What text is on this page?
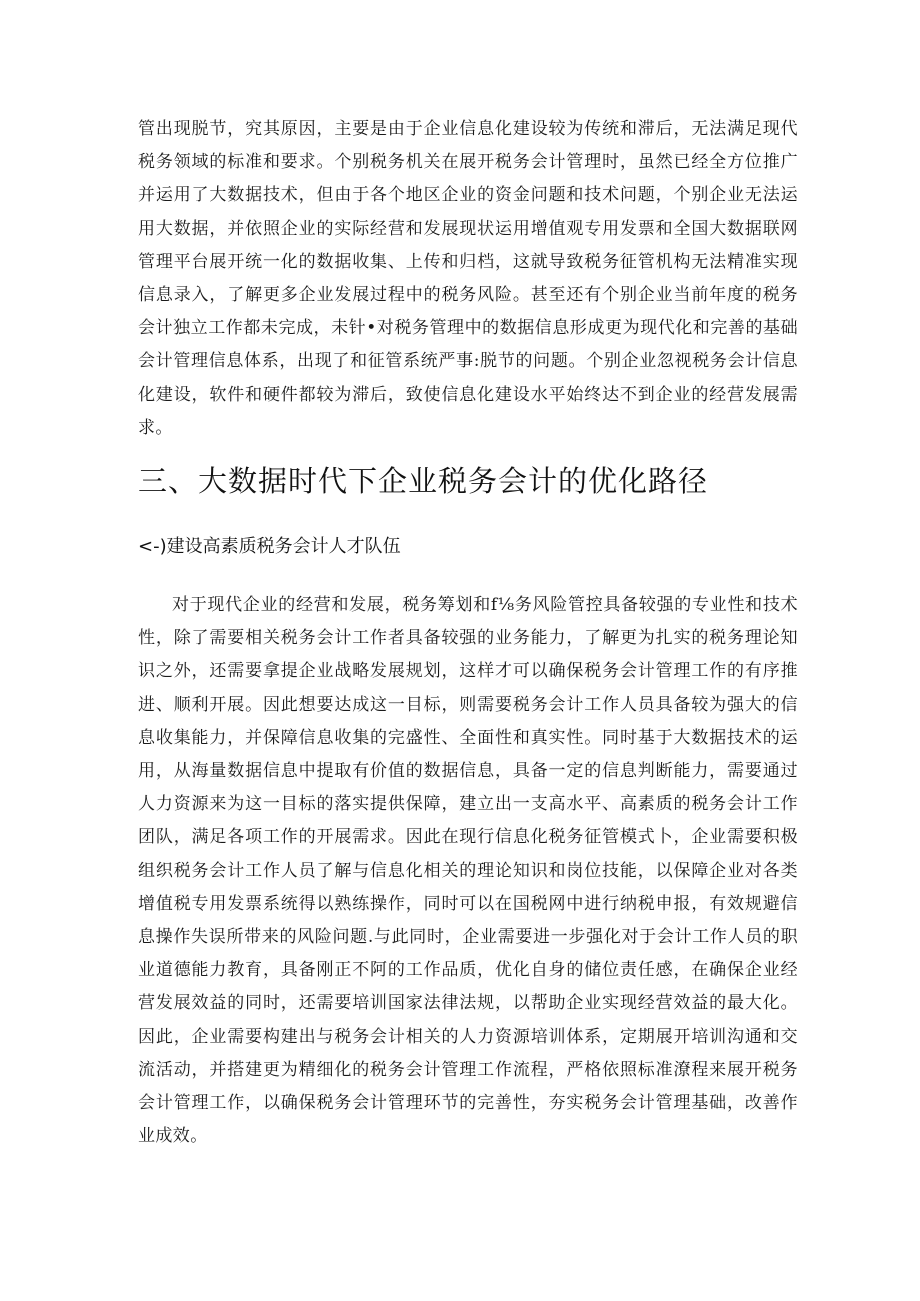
管出现脱节，究其原因，主要是由于企业信息化建设较为传统和滞后，无法满足现代税务领域的标准和要求。个别税务机关在展开税务会计管理时，虽然已经全方位推广并运用了大数据技术，但由于各个地区企业的资金问题和技术问题，个别企业无法运用大数据，并依照企业的实际经营和发展现状运用增值观专用发票和全国大数据联网管理平台展开统一化的数据收集、上传和归档，这就导致税务征管机构无法精准实现信息录入，了解更多企业发展过程中的税务风险。甚至还有个别企业当前年度的税务会计独立工作都未完成，未针•对税务管理中的数据信息形成更为现代化和完善的基础会计管理信息体系，出现了和征管系统严事:脱节的问题。个别企业忽视税务会计信息化建设，软件和硬件都较为滞后，致使信息化建设水平始终达不到企业的经营发展需求。

三、大数据时代下企业税务会计的优化路径
<-)建设高素质税务会计人才队伍

对于现代企业的经营和发展，税务筹划和f⅛务风险管控具备较强的专业性和技术性，除了需要相关税务会计工作者具备较强的业务能力，了解更为扎实的税务理论知识之外，还需要拿提企业战略发展规划，这样才可以确保税务会计管理工作的有序推进、顺利开展。因此想要达成这一目标，则需要税务会计工作人员具备较为强大的信息收集能力，并保障信息收集的完盛性、全面性和真实性。同时基于大数据技术的运用，从海量数据信息中提取有价值的数据信息，具备一定的信息判断能力，需要通过人力资源来为这一目标的落实提供保障，建立出一支高水平、高素质的税务会计工作团队，满足各项工作的开展需求。因此在现行信息化税务征管模式卜，企业需要积极组织税务会计工作人员了解与信息化相关的理论知识和岗位技能，以保障企业对各类增值税专用发票系统得以熟练操作，同时可以在国税网中进行纳税申报，有效规避信息操作失误所带来的风险问题.与此同时，企业需要进一步强化对于会计工作人员的职业道德能力教育，具备刚正不阿的工作品质，优化自身的储位责任感，在确保企业经营发展效益的同时，还需要培训国家法律法规，以帮助企业实现经营效益的最大化。因此，企业需要构建出与税务会计相关的人力资源培训体系，定期展开培训沟通和交流活动，并搭建更为精细化的税务会计管理工作流程，严格依照标准潦程来展开税务会计管理工作，以确保税务会计管理环节的完善性，夯实税务会计管理基础，改善作业成效。
